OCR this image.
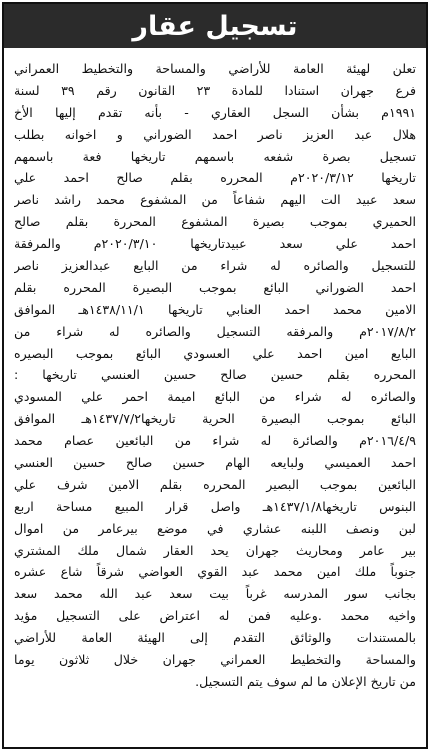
تسجيل عقار
تعلن لهيئة العامة للأراضي والمساحة والتخطيط العمراني
فرع جهران استنادا للمادة ٢٣ القانون رقم ٣٩ لسنة
١٩٩١م بشأن السجل العقاري - بأنه تقدم إليها الأخ
هلال عبد العزيز ناصر احمد الضوراني و اخوانه بطلب
تسجيل بصرة شفعه باسمهم تاريخها فعة باسمهم
تاريخها ٢٠٢٠/٣/١٢م المحرره بقلم صالح احمد علي
سعد عبيد الت اليهم شفاعاً من المشفوع محمد راشد ناصر
الحميري بموجب بصيرة المشفوع المحررة بقلم صالح
احمد علي سعد عبيدتاريخها ٢٠٢٠/٣/١٠م والمرفقة
للتسجيل والصائره له شراء من البايع عبدالعزيز ناصر
احمد الضوراني البائع بموجب البصيرة المحرره بقلم
الامين محمد احمد العنابي تاريخها ١٤٣٨/١١/١هـ الموافق
٢٠١٧/٨/٢م والمرفقه التسجيل والصائره له شراء من
البايع امين احمد علي العسودي البائع بموجب البصيره
المحرره بقلم حسين صالح حسين العنسي تاريخها :
والصائره له شراء من البائع اميمة احمر علي المسودي
البائع بموجب البصيرة الحرية تاريخها١٤٣٧/٧/٢هـ الموافق
٢٠١٦/٤/٩م والصائرة له شراء من البائعين عصام محمد
احمد العميسي ولبايعه الهام حسين صالح حسين العنسي
البائعين بموجب البصير المحرره بقلم الامين شرف علي
البنوس تاريخها١٤٣٧/١/٨هـ واصل قرار المبيع مساحة اربع
لبن ونصف اللبنه عشاري في موضع بيرعامر من اموال
بير عامر ومحاريث جهران يحد العقار شمال ملك المشتري
جنوباً ملك امين محمد عبد القوي العواضي شرقاً شاع عشره
بجانب سور المدرسه غرباً بيت سعد عبد الله محمد سعد
واخيه محمد .وعليه فمن له اعتراض على التسجيل مؤيد
بالمستندات والوثائق التقدم إلى الهيئة العامة للأراضي
والمساحة والتخطيط العمراني جهران خلال ثلاثون يوما
من تاريخ الإعلان ما لم سوف يتم التسجيل.
